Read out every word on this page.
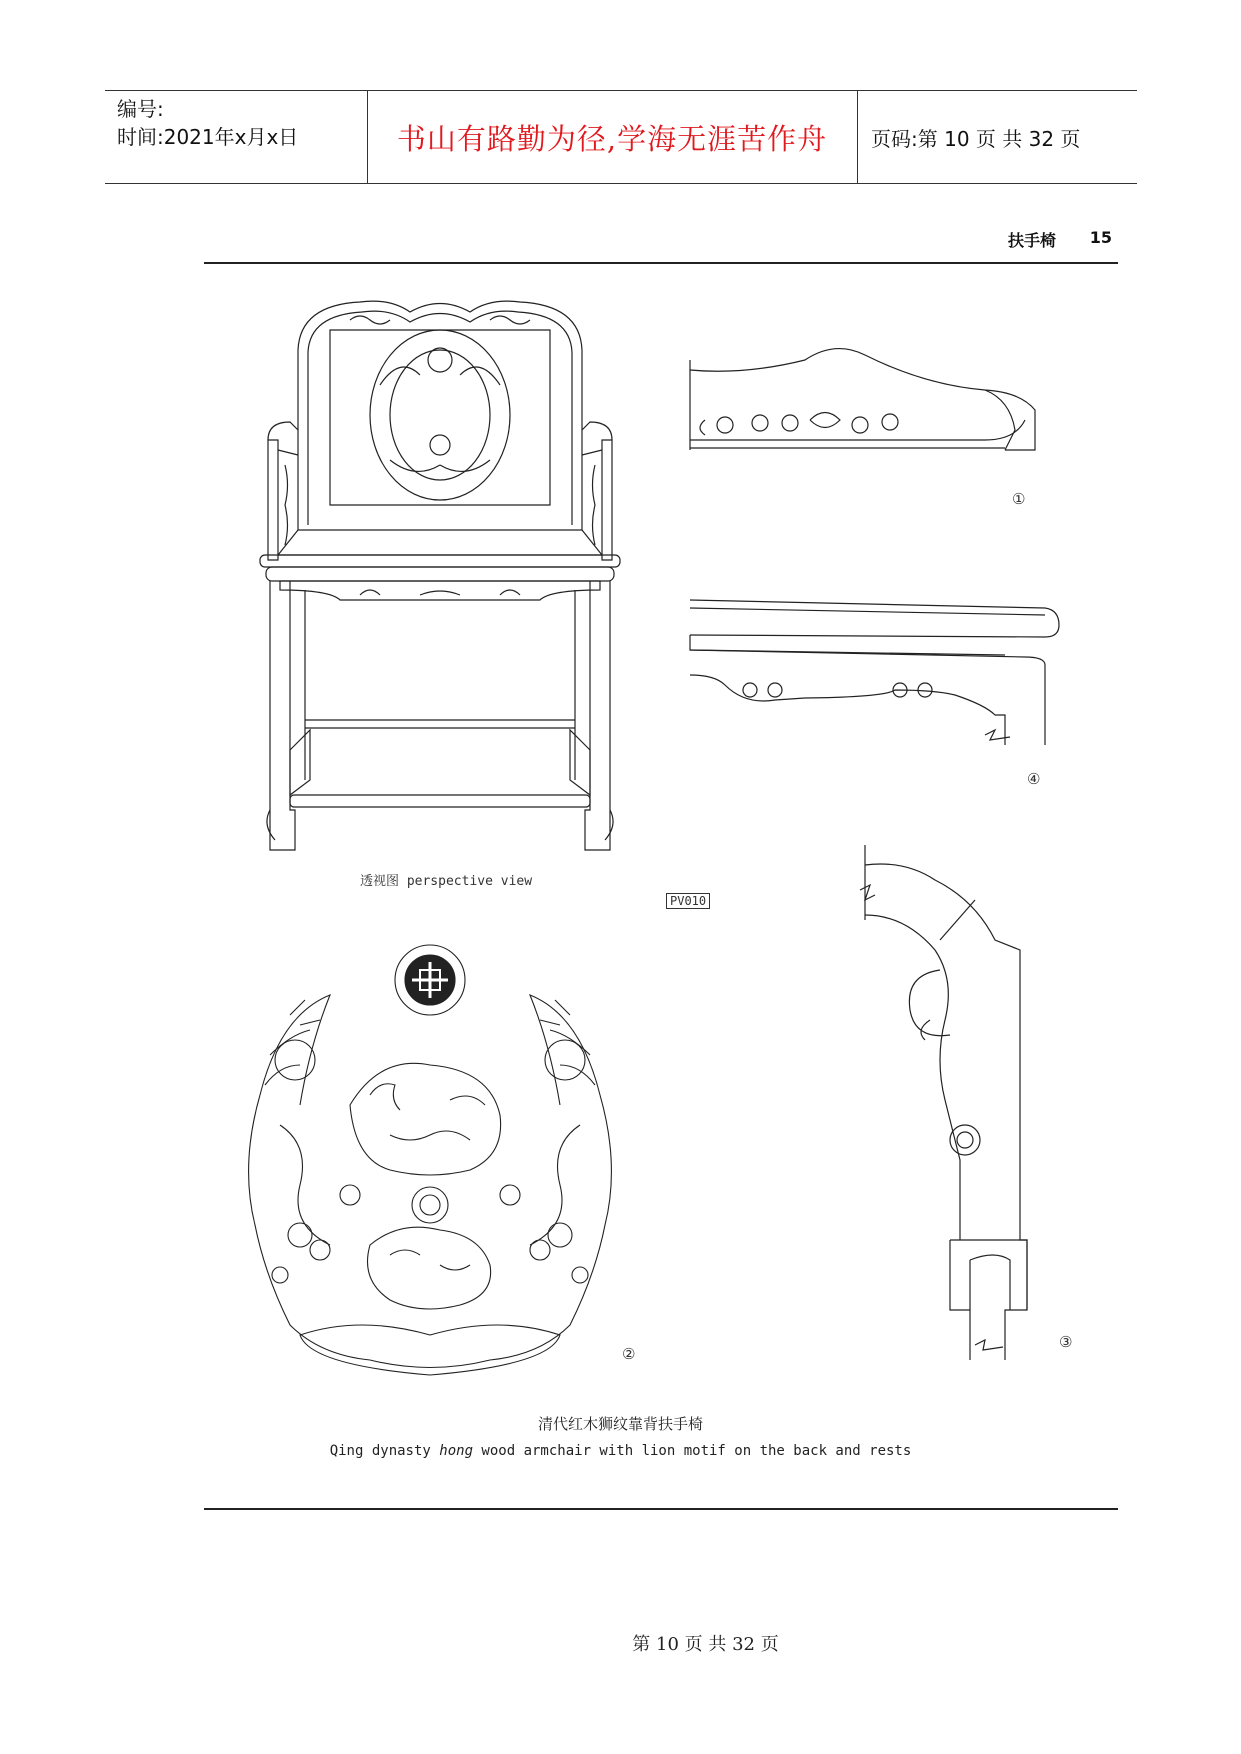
编号:
时间:2021年x月x日	书山有路勤为径,学海无涯苦作舟 页码:第 10 页 共 32 页
扶手椅 15
透视图 perspective view
PV010
①
④
③
②
清代红木狮纹靠背扶手椅
Qing dynasty hong wood armchair with lion motif on the back and rests
第 10 页 共 32 页
